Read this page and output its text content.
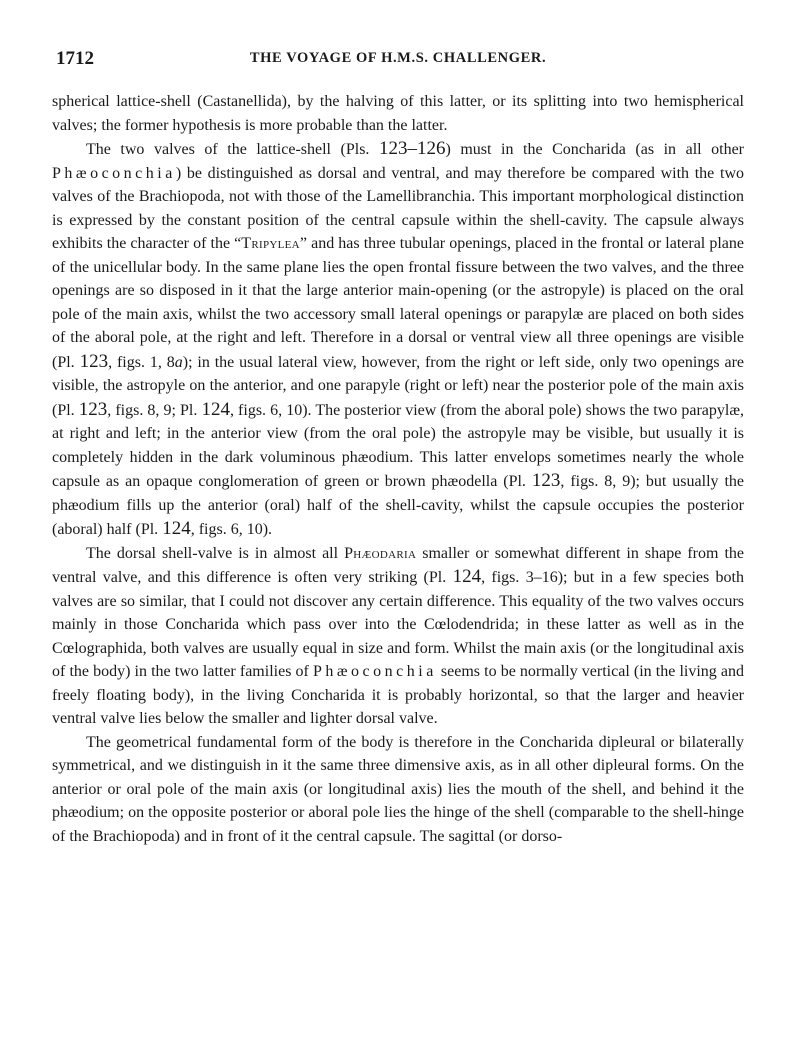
1712	THE VOYAGE OF H.M.S. CHALLENGER.

spherical lattice-shell (Castanellida), by the halving of this latter, or its splitting into two hemispherical valves; the former hypothesis is more probable than the latter.

The two valves of the lattice-shell (Pls. 123–126) must in the Concharida (as in all other Phæoconchia) be distinguished as dorsal and ventral, and may therefore be compared with the two valves of the Brachiopoda, not with those of the Lamellibranchia. This important morphological distinction is expressed by the constant position of the central capsule within the shell-cavity. The capsule always exhibits the character of the “Tripylea” and has three tubular openings, placed in the frontal or lateral plane of the unicellular body. In the same plane lies the open frontal fissure between the two valves, and the three openings are so disposed in it that the large anterior main-opening (or the astropyle) is placed on the oral pole of the main axis, whilst the two accessory small lateral openings or parapylæ are placed on both sides of the aboral pole, at the right and left. Therefore in a dorsal or ventral view all three openings are visible (Pl. 123, figs. 1, 8a); in the usual lateral view, however, from the right or left side, only two openings are visible, the astropyle on the anterior, and one parapyle (right or left) near the posterior pole of the main axis (Pl. 123, figs. 8, 9; Pl. 124, figs. 6, 10). The posterior view (from the aboral pole) shows the two parapylæ, at right and left; in the anterior view (from the oral pole) the astropyle may be visible, but usually it is completely hidden in the dark voluminous phæodium. This latter envelops sometimes nearly the whole capsule as an opaque conglomeration of green or brown phæodella (Pl. 123, figs. 8, 9); but usually the phæodium fills up the anterior (oral) half of the shell-cavity, whilst the capsule occupies the posterior (aboral) half (Pl. 124, figs. 6, 10).

The dorsal shell-valve is in almost all Phæodaria smaller or somewhat different in shape from the ventral valve, and this difference is often very striking (Pl. 124, figs. 3–16); but in a few species both valves are so similar, that I could not discover any certain difference. This equality of the two valves occurs mainly in those Concharida which pass over into the Cœlodendrida; in these latter as well as in the Cœlographida, both valves are usually equal in size and form. Whilst the main axis (or the longitudinal axis of the body) in the two latter families of Phæoconchia seems to be normally vertical (in the living and freely floating body), in the living Concharida it is probably horizontal, so that the larger and heavier ventral valve lies below the smaller and lighter dorsal valve.

The geometrical fundamental form of the body is therefore in the Concharida dipleural or bilaterally symmetrical, and we distinguish in it the same three dimensive axis, as in all other dipleural forms. On the anterior or oral pole of the main axis (or longitudinal axis) lies the mouth of the shell, and behind it the phæodium; on the opposite posterior or aboral pole lies the hinge of the shell (comparable to the shell-hinge of the Brachiopoda) and in front of it the central capsule. The sagittal (or dorso-
